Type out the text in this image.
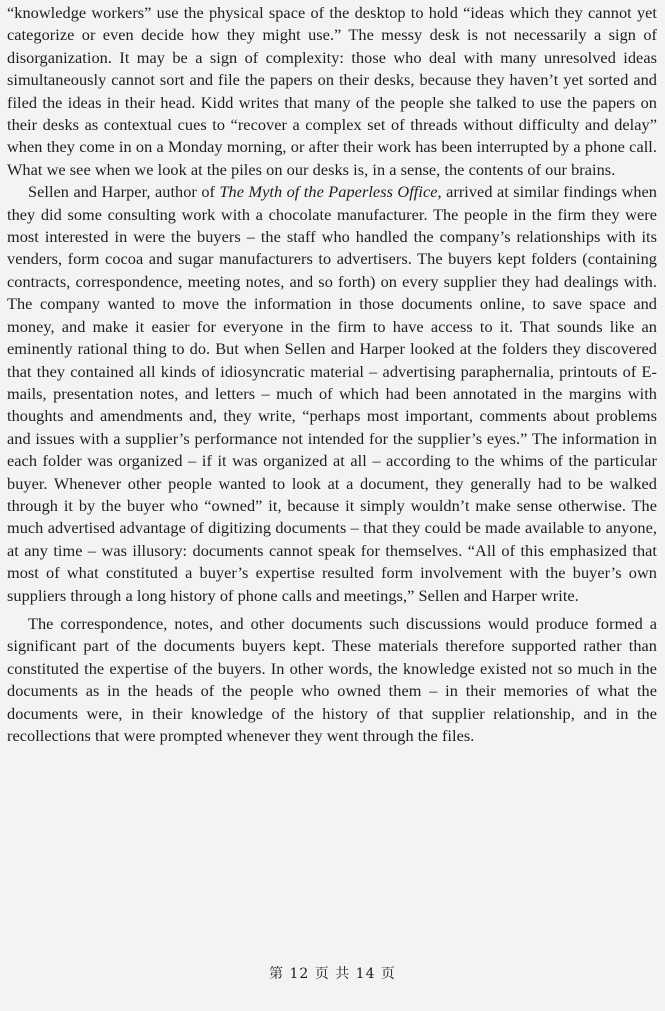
“knowledge workers” use the physical space of the desktop to hold “ideas which they cannot yet categorize or even decide how they might use.” The messy desk is not necessarily a sign of disorganization. It may be a sign of complexity: those who deal with many unresolved ideas simultaneously cannot sort and file the papers on their desks, because they haven’t yet sorted and filed the ideas in their head. Kidd writes that many of the people she talked to use the papers on their desks as contextual cues to “recover a complex set of threads without difficulty and delay” when they come in on a Monday morning, or after their work has been interrupted by a phone call. What we see when we look at the piles on our desks is, in a sense, the contents of our brains.

Sellen and Harper, author of The Myth of the Paperless Office, arrived at similar findings when they did some consulting work with a chocolate manufacturer. The people in the firm they were most interested in were the buyers – the staff who handled the company’s relationships with its venders, form cocoa and sugar manufacturers to advertisers. The buyers kept folders (containing contracts, correspondence, meeting notes, and so forth) on every supplier they had dealings with. The company wanted to move the information in those documents online, to save space and money, and make it easier for everyone in the firm to have access to it. That sounds like an eminently rational thing to do. But when Sellen and Harper looked at the folders they discovered that they contained all kinds of idiosyncratic material – advertising paraphernalia, printouts of E-mails, presentation notes, and letters – much of which had been annotated in the margins with thoughts and amendments and, they write, “perhaps most important, comments about problems and issues with a supplier’s performance not intended for the supplier’s eyes.” The information in each folder was organized – if it was organized at all – according to the whims of the particular buyer. Whenever other people wanted to look at a document, they generally had to be walked through it by the buyer who “owned” it, because it simply wouldn’t make sense otherwise. The much advertised advantage of digitizing documents – that they could be made available to anyone, at any time – was illusory: documents cannot speak for themselves. “All of this emphasized that most of what constituted a buyer’s expertise resulted form involvement with the buyer’s own suppliers through a long history of phone calls and meetings,” Sellen and Harper write.

The correspondence, notes, and other documents such discussions would produce formed a significant part of the documents buyers kept. These materials therefore supported rather than constituted the expertise of the buyers. In other words, the knowledge existed not so much in the documents as in the heads of the people who owned them – in their memories of what the documents were, in their knowledge of the history of that supplier relationship, and in the recollections that were prompted whenever they went through the files.

第 12 页 共 14 页
